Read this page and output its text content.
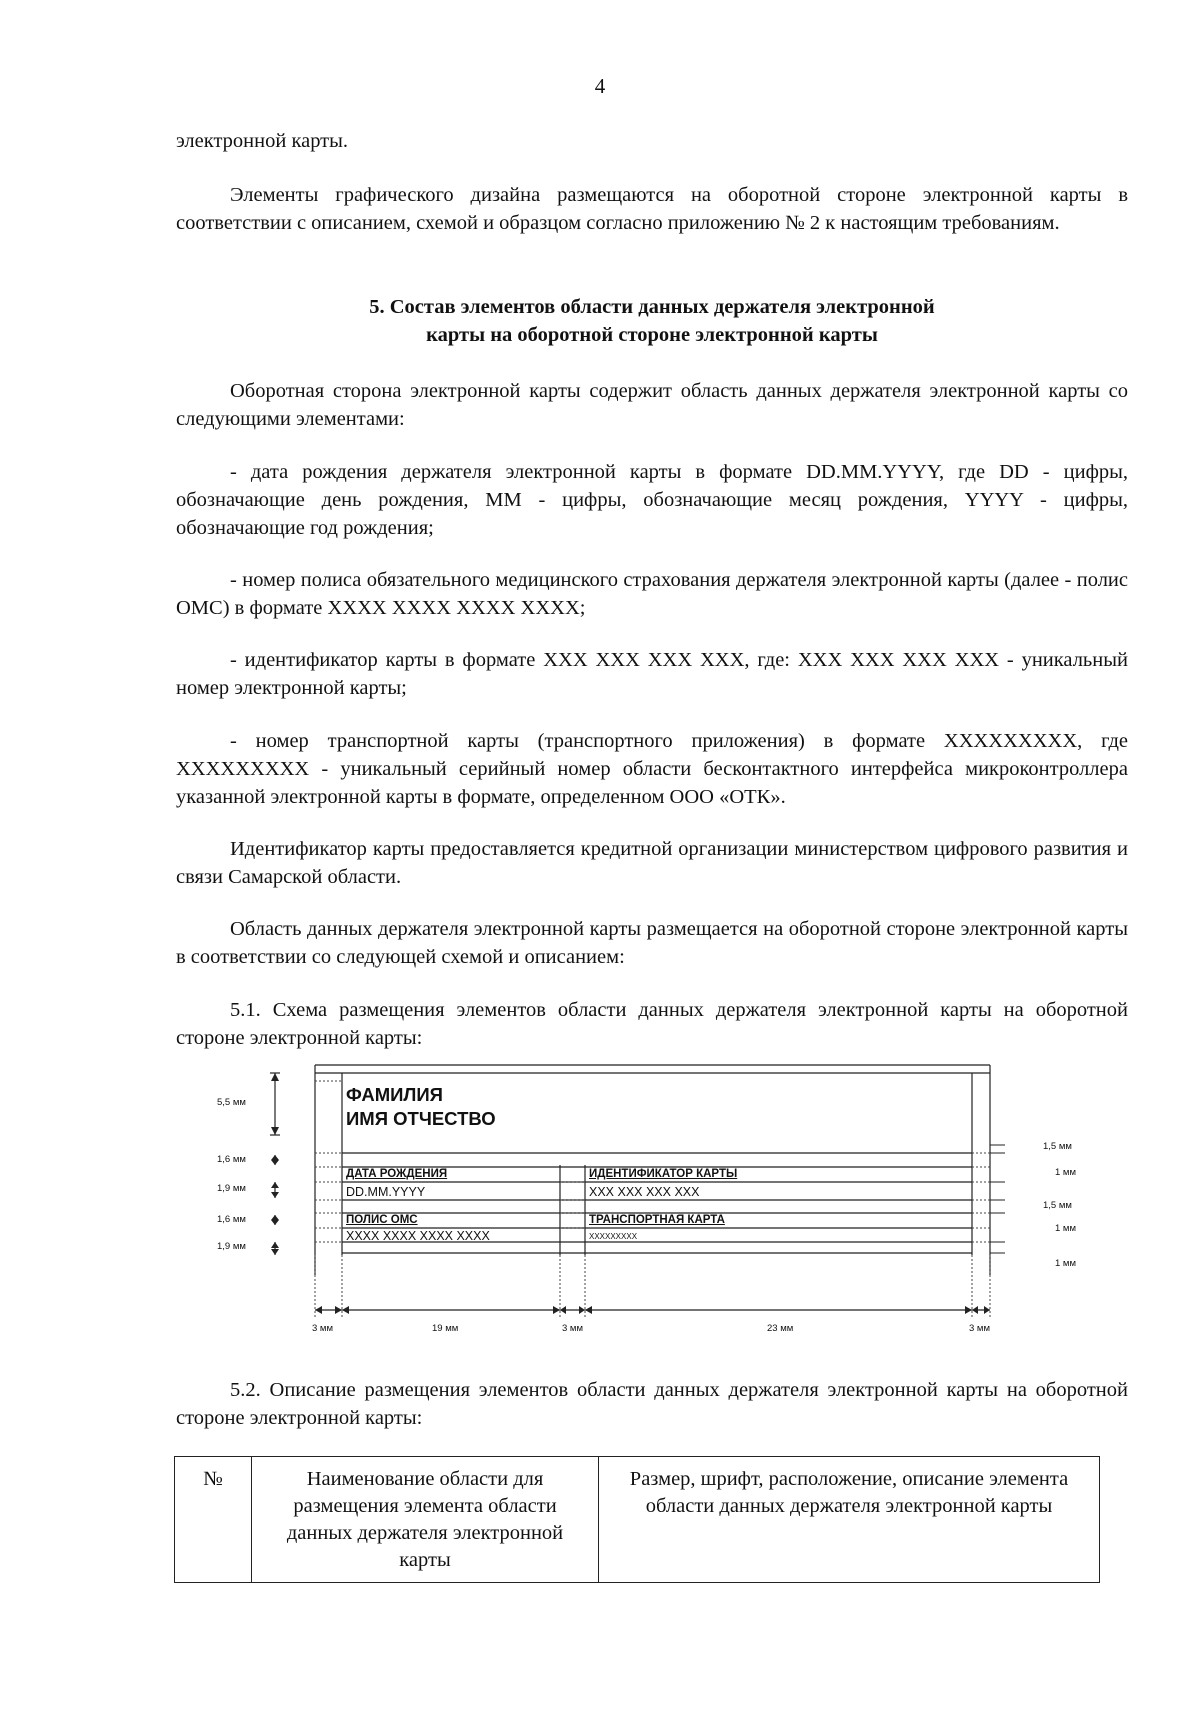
4

электронной карты.

Элементы графического дизайна размещаются на оборотной стороне электронной карты в соответствии с описанием, схемой и образцом согласно приложению № 2 к настоящим требованиям.

5. Состав элементов области данных держателя электронной
карты на оборотной стороне электронной карты

Оборотная сторона электронной карты содержит область данных держателя электронной карты со следующими элементами:

- дата рождения держателя электронной карты в формате DD.MM.YYYY, где DD - цифры, обозначающие день рождения, MM - цифры, обозначающие месяц рождения, YYYY - цифры, обозначающие год рождения;

- номер полиса обязательного медицинского страхования держателя электронной карты (далее - полис ОМС) в формате XXXX XXXX XXXX XXXX;

- идентификатор карты в формате XXX XXX XXX XXX, где: XXX XXX XXX XXX - уникальный номер электронной карты;

- номер транспортной карты (транспортного приложения) в формате XXXXXXXXX, где XXXXXXXXX - уникальный серийный номер области бесконтактного интерфейса микроконтроллера указанной электронной карты в формате, определенном ООО «ОТК».

Идентификатор карты предоставляется кредитной организации министерством цифрового развития и связи Самарской области.

Область данных держателя электронной карты размещается на оборотной стороне электронной карты в соответствии со следующей схемой и описанием:

5.1. Схема размещения элементов области данных держателя электронной карты на оборотной стороне электронной карты:

ФАМИЛИЯ
ИМЯ ОТЧЕСТВО
ДАТА РОЖДЕНИЯ
DD.MM.YYYY
ИДЕНТИФИКАТОР КАРТЫ
XXX XXX XXX XXX
ПОЛИС ОМС
XXXX XXXX XXXX XXXX
ТРАНСПОРТНАЯ КАРТА
XXXXXXXXX
5,5 мм
1,6 мм
1,9 мм
1,6 мм
1,9 мм
1,5 мм
1 мм
1,5 мм
1 мм
1 мм
3 мм	19 мм	3 мм	23 мм	3 мм

5.2. Описание размещения элементов области данных держателя электронной карты на оборотной стороне электронной карты:

№	Наименование области для размещения элемента области данных держателя электронной карты	Размер, шрифт, расположение, описание элемента области данных держателя электронной карты
